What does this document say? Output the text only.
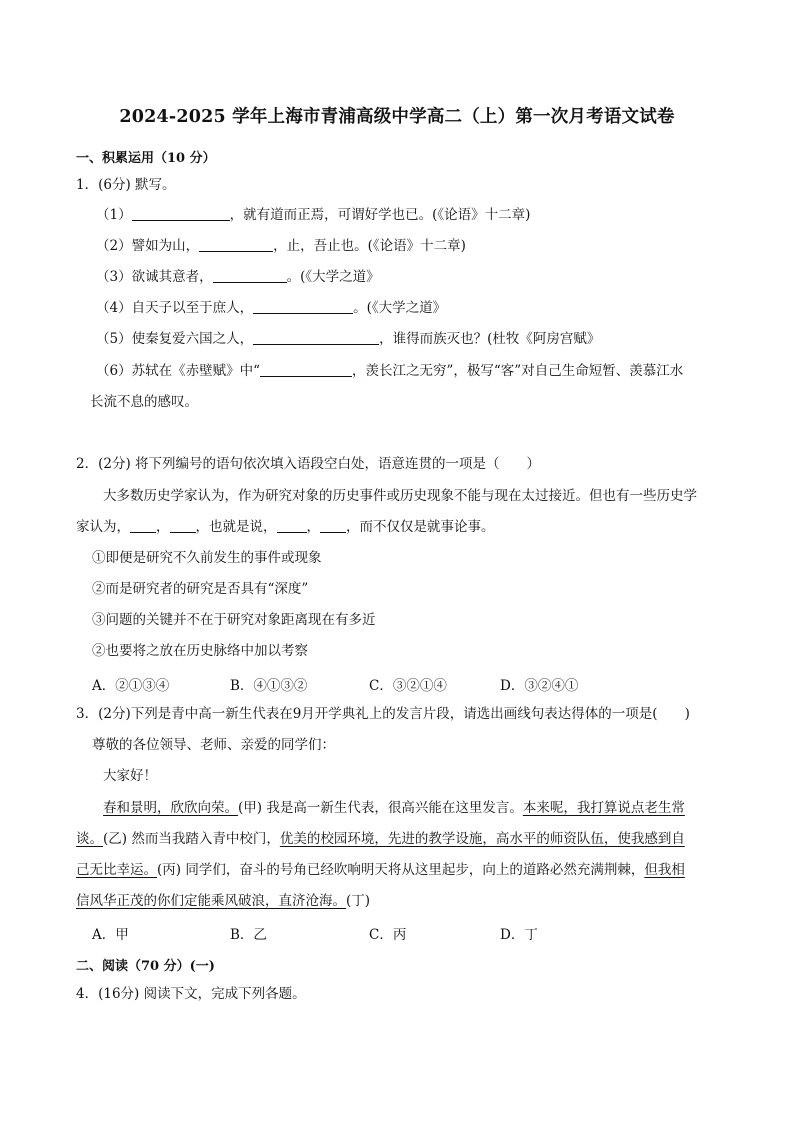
2024-2025 学年上海市青浦高级中学高二（上）第一次月考语文试卷
一、积累运用（10 分）
1．(6分) 默写。
（1）	，就有道而正焉，可谓好学也已。(《论语》十二章)
（2）譬如为山，	，止，吾止也。(《论语》十二章)
（3）欲诚其意者，	。(《大学之道》
（4）自天子以至于庶人，	。(《大学之道》
（5）使秦复爱六国之人，	，谁得而族灭也？(杜牧《阿房宫赋》
（6）苏轼在《赤壁赋》中“	，羡长江之无穷”，极写“客”对自己生命短暂、羡慕江水
长流不息的感叹。
2．(2分) 将下列编号的语句依次填入语段空白处，语意连贯的一项是（　　）
大多数历史学家认为，作为研究对象的历史事件或历史现象不能与现在太过接近。但也有一些历史学
家认为， ， ，也就是说， ， ，而不仅仅是就事论事。
①即便是研究不久前发生的事件或现象
②而是研究者的研究是否具有“深度”
③问题的关键并不在于研究对象距离现在有多近
②也要将之放在历史脉络中加以考察
A．②①③④	B．④①③②	C．③②①④	D．③②④①
3．(2分)下列是青中高一新生代表在9月开学典礼上的发言片段，请选出画线句表达得体的一项是(　　)
尊敬的各位领导、老师、亲爱的同学们：
大家好！
春和景明，欣欣向荣。(甲) 我是高一新生代表，很高兴能在这里发言。本来呢，我打算说点老生常
谈。(乙) 然而当我踏入青中校门，优美的校园环境，先进的教学设施，高水平的师资队伍，使我感到自
己无比幸运。(丙) 同学们，奋斗的号角已经吹响明天将从这里起步，向上的道路必然充满荆棘，但我相
信风华正茂的你们定能乘风破浪，直济沧海。(丁)
A．甲	B．乙	C．丙	D．丁
二、阅读（70 分）(一)
4．(16分) 阅读下文，完成下列各题。
